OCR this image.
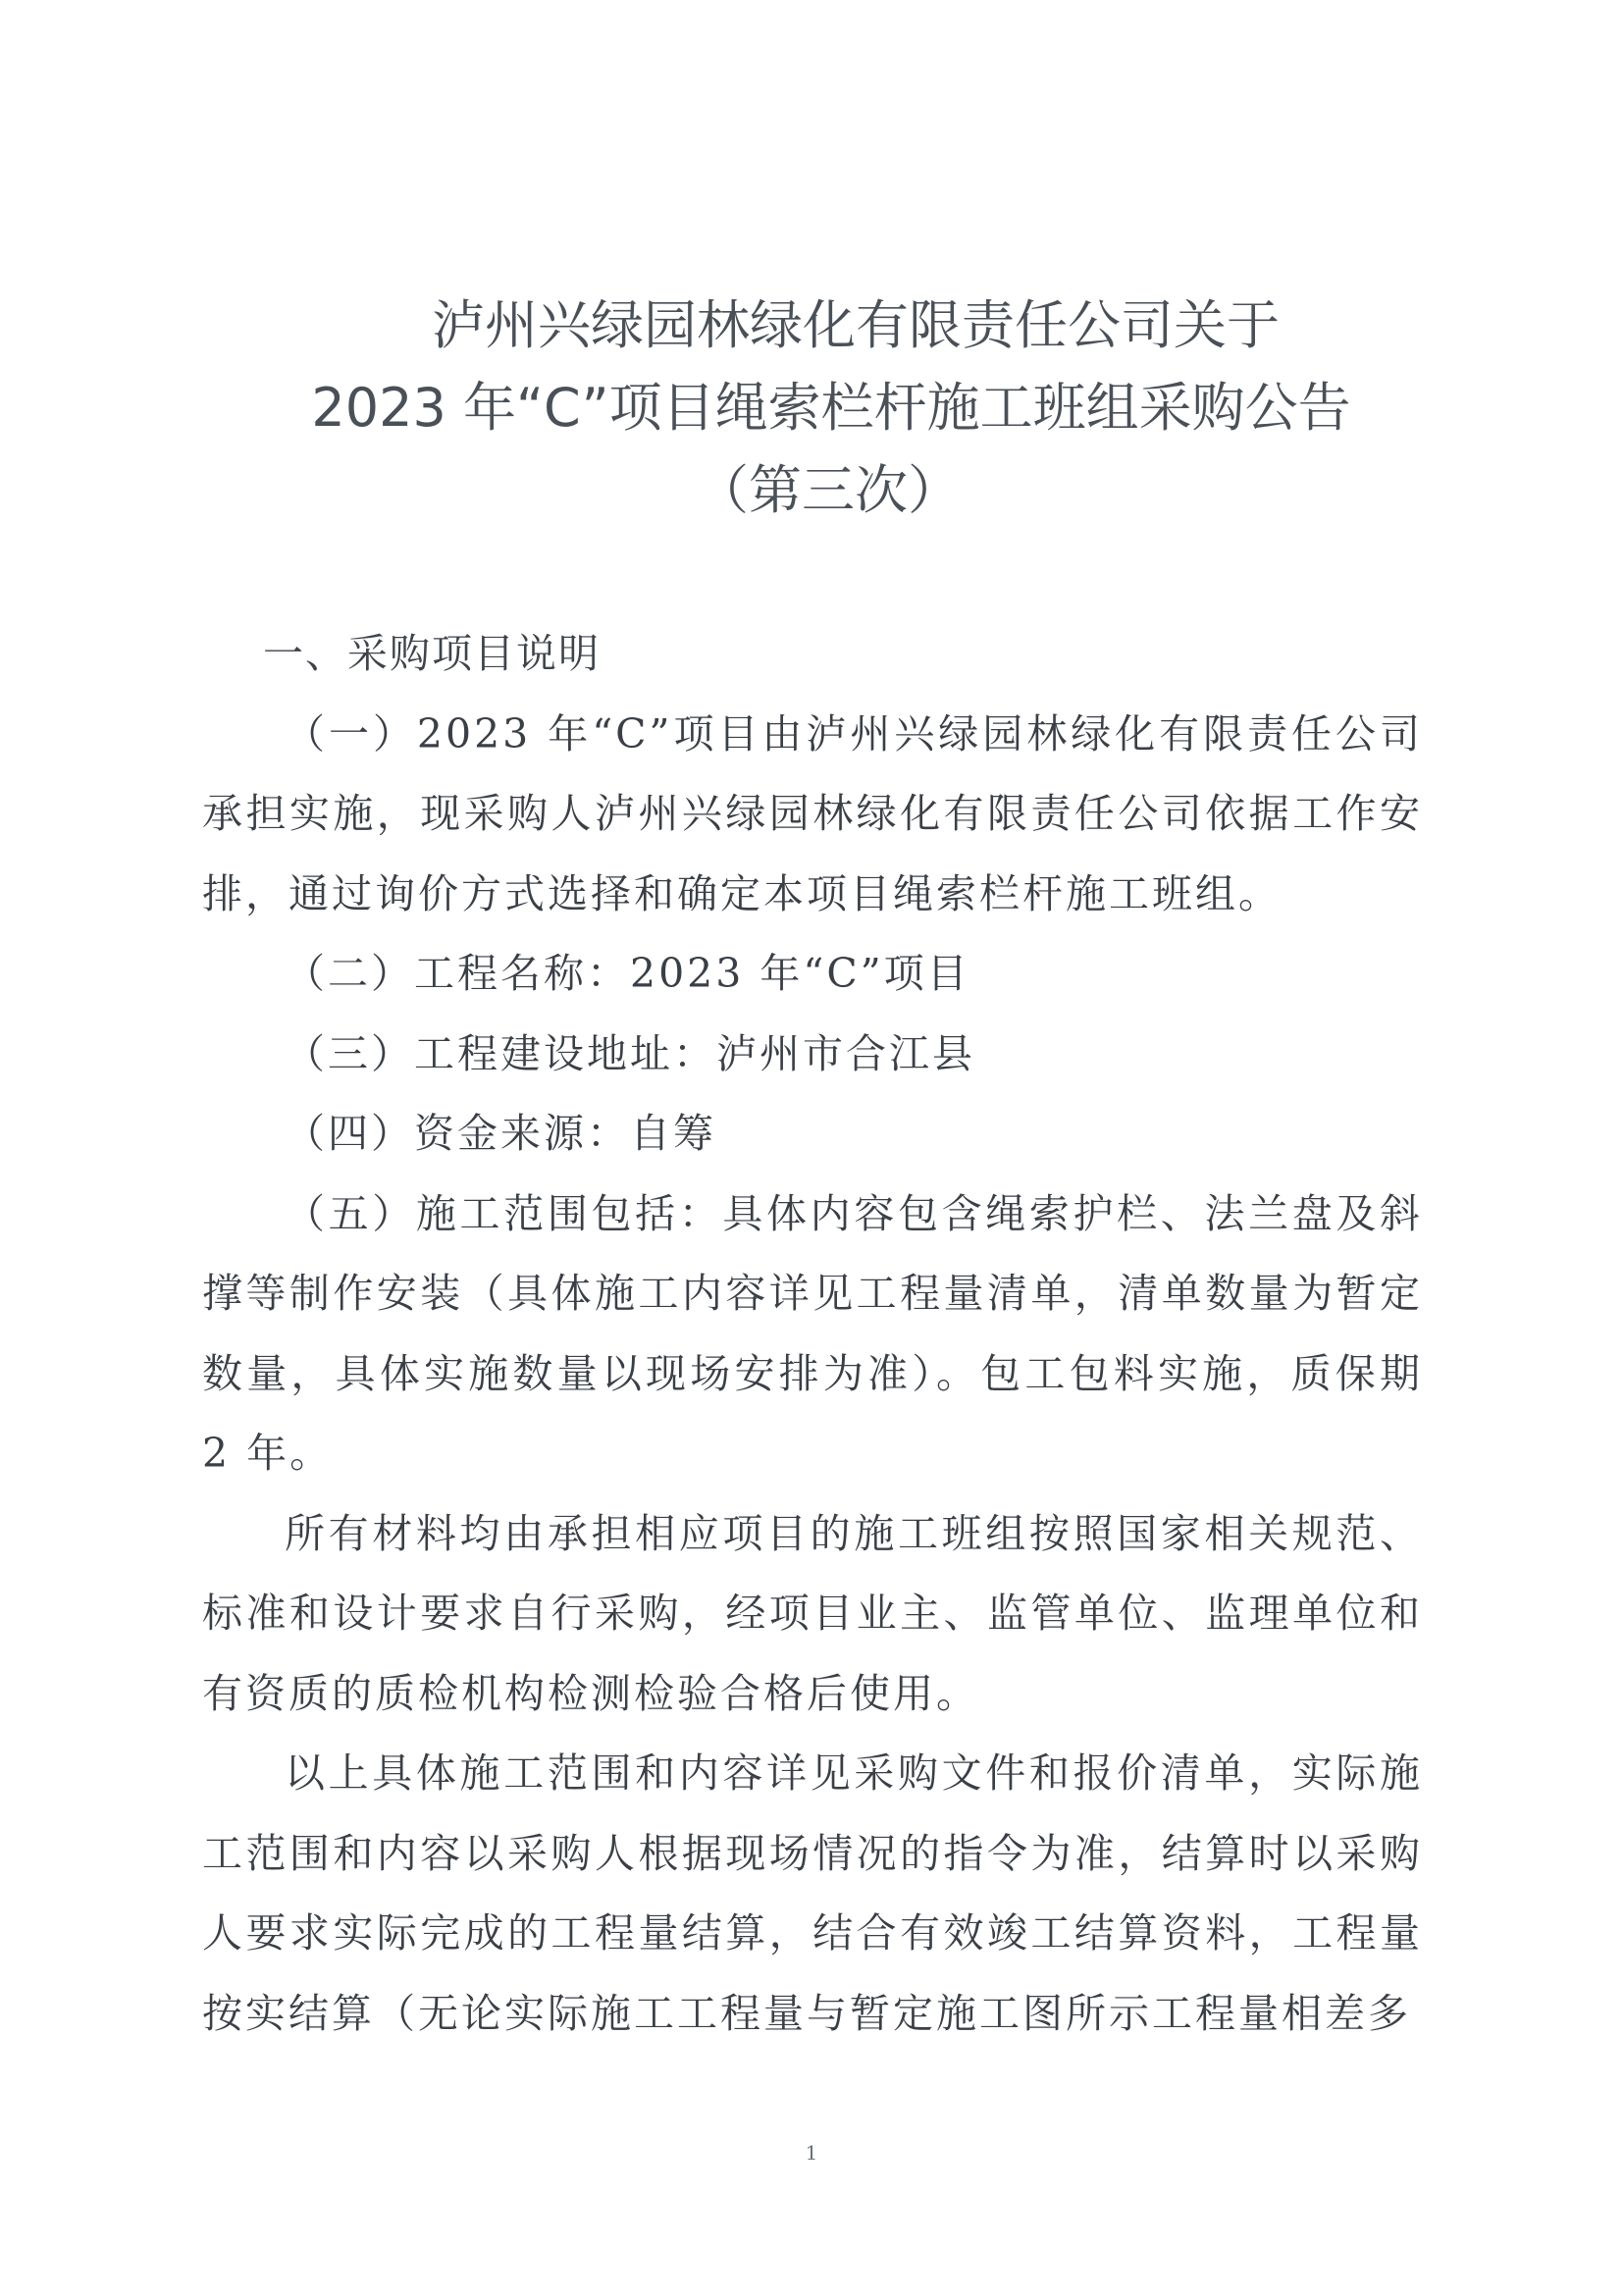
泸州兴绿园林绿化有限责任公司关于
2023 年“C”项目绳索栏杆施工班组采购公告
（第三次）

一、采购项目说明

（一）2023 年“C”项目由泸州兴绿园林绿化有限责任公司承担实施，现采购人泸州兴绿园林绿化有限责任公司依据工作安排，通过询价方式选择和确定本项目绳索栏杆施工班组。

（二）工程名称：2023 年“C”项目

（三）工程建设地址：泸州市合江县

（四）资金来源：自筹

（五）施工范围包括：具体内容包含绳索护栏、法兰盘及斜撑等制作安装（具体施工内容详见工程量清单，清单数量为暂定数量，具体实施数量以现场安排为准）。包工包料实施，质保期 2 年。

所有材料均由承担相应项目的施工班组按照国家相关规范、标准和设计要求自行采购，经项目业主、监管单位、监理单位和有资质的质检机构检测检验合格后使用。

以上具体施工范围和内容详见采购文件和报价清单，实际施工范围和内容以采购人根据现场情况的指令为准，结算时以采购人要求实际完成的工程量结算，结合有效竣工结算资料，工程量按实结算（无论实际施工工程量与暂定施工图所示工程量相差多

1
